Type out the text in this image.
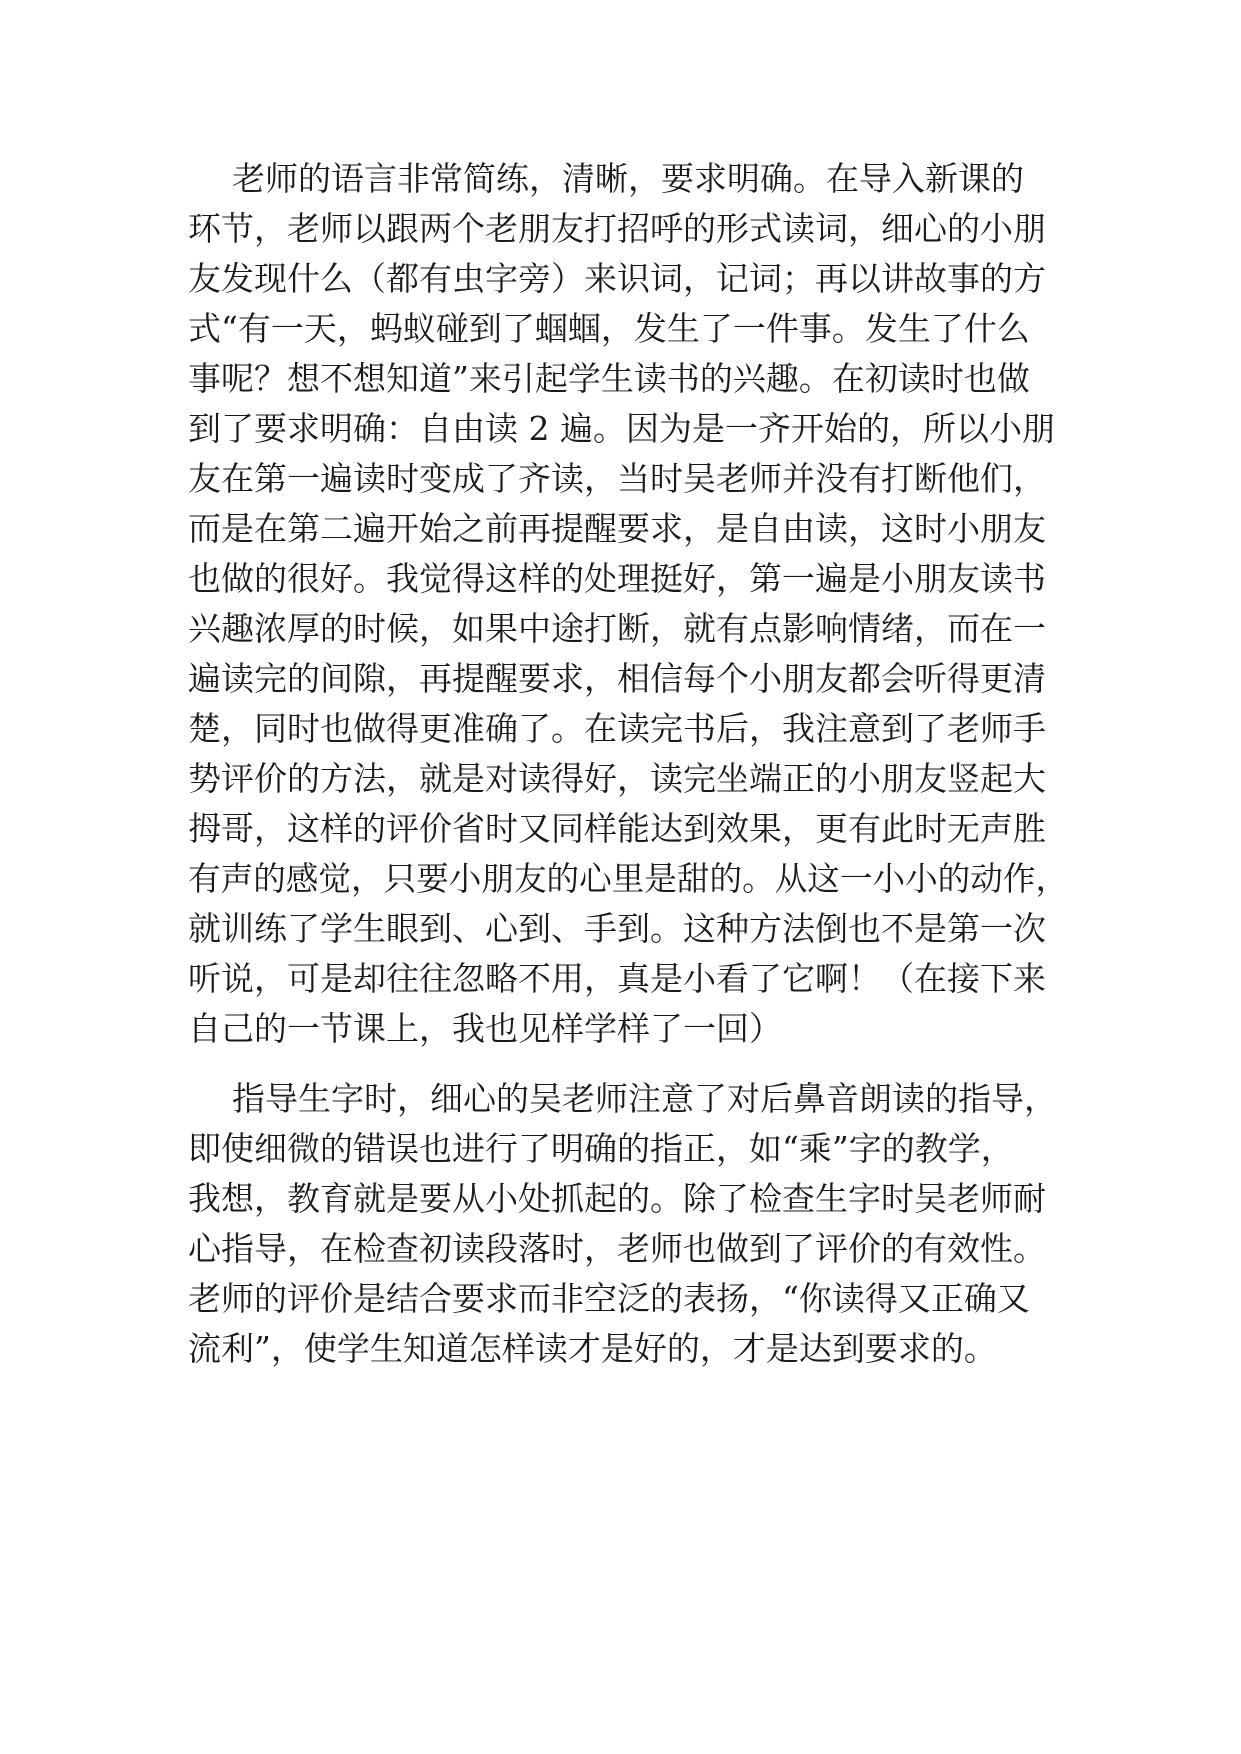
老师的语言非常简练，清晰，要求明确。在导入新课的
环节，老师以跟两个老朋友打招呼的形式读词，细心的小朋
友发现什么（都有虫字旁）来识词，记词；再以讲故事的方
式“有一天，蚂蚁碰到了蝈蝈，发生了一件事。发生了什么
事呢？想不想知道”来引起学生读书的兴趣。在初读时也做
到了要求明确：自由读 2 遍。因为是一齐开始的，所以小朋
友在第一遍读时变成了齐读，当时吴老师并没有打断他们，
而是在第二遍开始之前再提醒要求，是自由读，这时小朋友
也做的很好。我觉得这样的处理挺好，第一遍是小朋友读书
兴趣浓厚的时候，如果中途打断，就有点影响情绪，而在一
遍读完的间隙，再提醒要求，相信每个小朋友都会听得更清
楚，同时也做得更准确了。在读完书后，我注意到了老师手
势评价的方法，就是对读得好，读完坐端正的小朋友竖起大
拇哥，这样的评价省时又同样能达到效果，更有此时无声胜
有声的感觉，只要小朋友的心里是甜的。从这一小小的动作，
就训练了学生眼到、心到、手到。这种方法倒也不是第一次
听说，可是却往往忽略不用，真是小看了它啊！（在接下来
自己的一节课上，我也见样学样了一回）
指导生字时，细心的吴老师注意了对后鼻音朗读的指导，
即使细微的错误也进行了明确的指正，如“乘”字的教学，
我想，教育就是要从小处抓起的。除了检查生字时吴老师耐
心指导，在检查初读段落时，老师也做到了评价的有效性。
老师的评价是结合要求而非空泛的表扬，“你读得又正确又
流利”，使学生知道怎样读才是好的，才是达到要求的。
